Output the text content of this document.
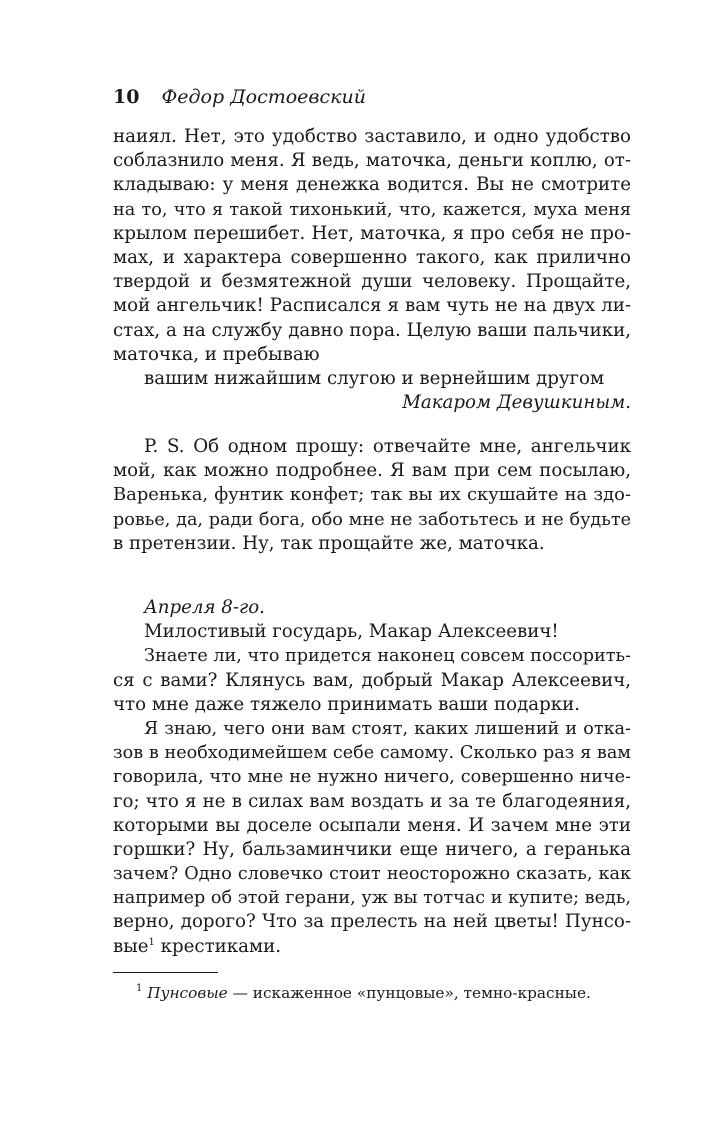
10 Федор Достоевский
наиял. Нет, это удобство заставило, и одно удобство
соблазнило меня. Я ведь, маточка, деньги коплю, от-
кладываю: у меня денежка водится. Вы не смотрите
на то, что я такой тихонький, что, кажется, муха меня
крылом перешибет. Нет, маточка, я про себя не про-
мах, и характера совершенно такого, как прилично
твердой и безмятежной души человеку. Прощайте,
мой ангельчик! Расписался я вам чуть не на двух ли-
стах, а на службу давно пора. Целую ваши пальчики,
маточка, и пребываю
вашим нижайшим слугою и вернейшим другом
Макаром Девушкиным.
P. S. Об одном прошу: отвечайте мне, ангельчик
мой, как можно подробнее. Я вам при сем посылаю,
Варенька, фунтик конфет; так вы их скушайте на здо-
ровье, да, ради бога, обо мне не заботьтесь и не будьте
в претензии. Ну, так прощайте же, маточка.
Апреля 8-го.
Милостивый государь, Макар Алексеевич!
Знаете ли, что придется наконец совсем поссорить-
ся с вами? Клянусь вам, добрый Макар Алексеевич,
что мне даже тяжело принимать ваши подарки.
Я знаю, чего они вам стоят, каких лишений и отка-
зов в необходимейшем себе самому. Сколько раз я вам
говорила, что мне не нужно ничего, совершенно ниче-
го; что я не в силах вам воздать и за те благодеяния,
которыми вы доселе осыпали меня. И зачем мне эти
горшки? Ну, бальзаминчики еще ничего, а геранька
зачем? Одно словечко стоит неосторожно сказать, как
например об этой герани, уж вы тотчас и купите; ведь,
верно, дорого? Что за прелесть на ней цветы! Пунсо-
вые$^1$ крестиками.
$^1$ Пунсовые — искаженное «пунцовые», темно-красные.
